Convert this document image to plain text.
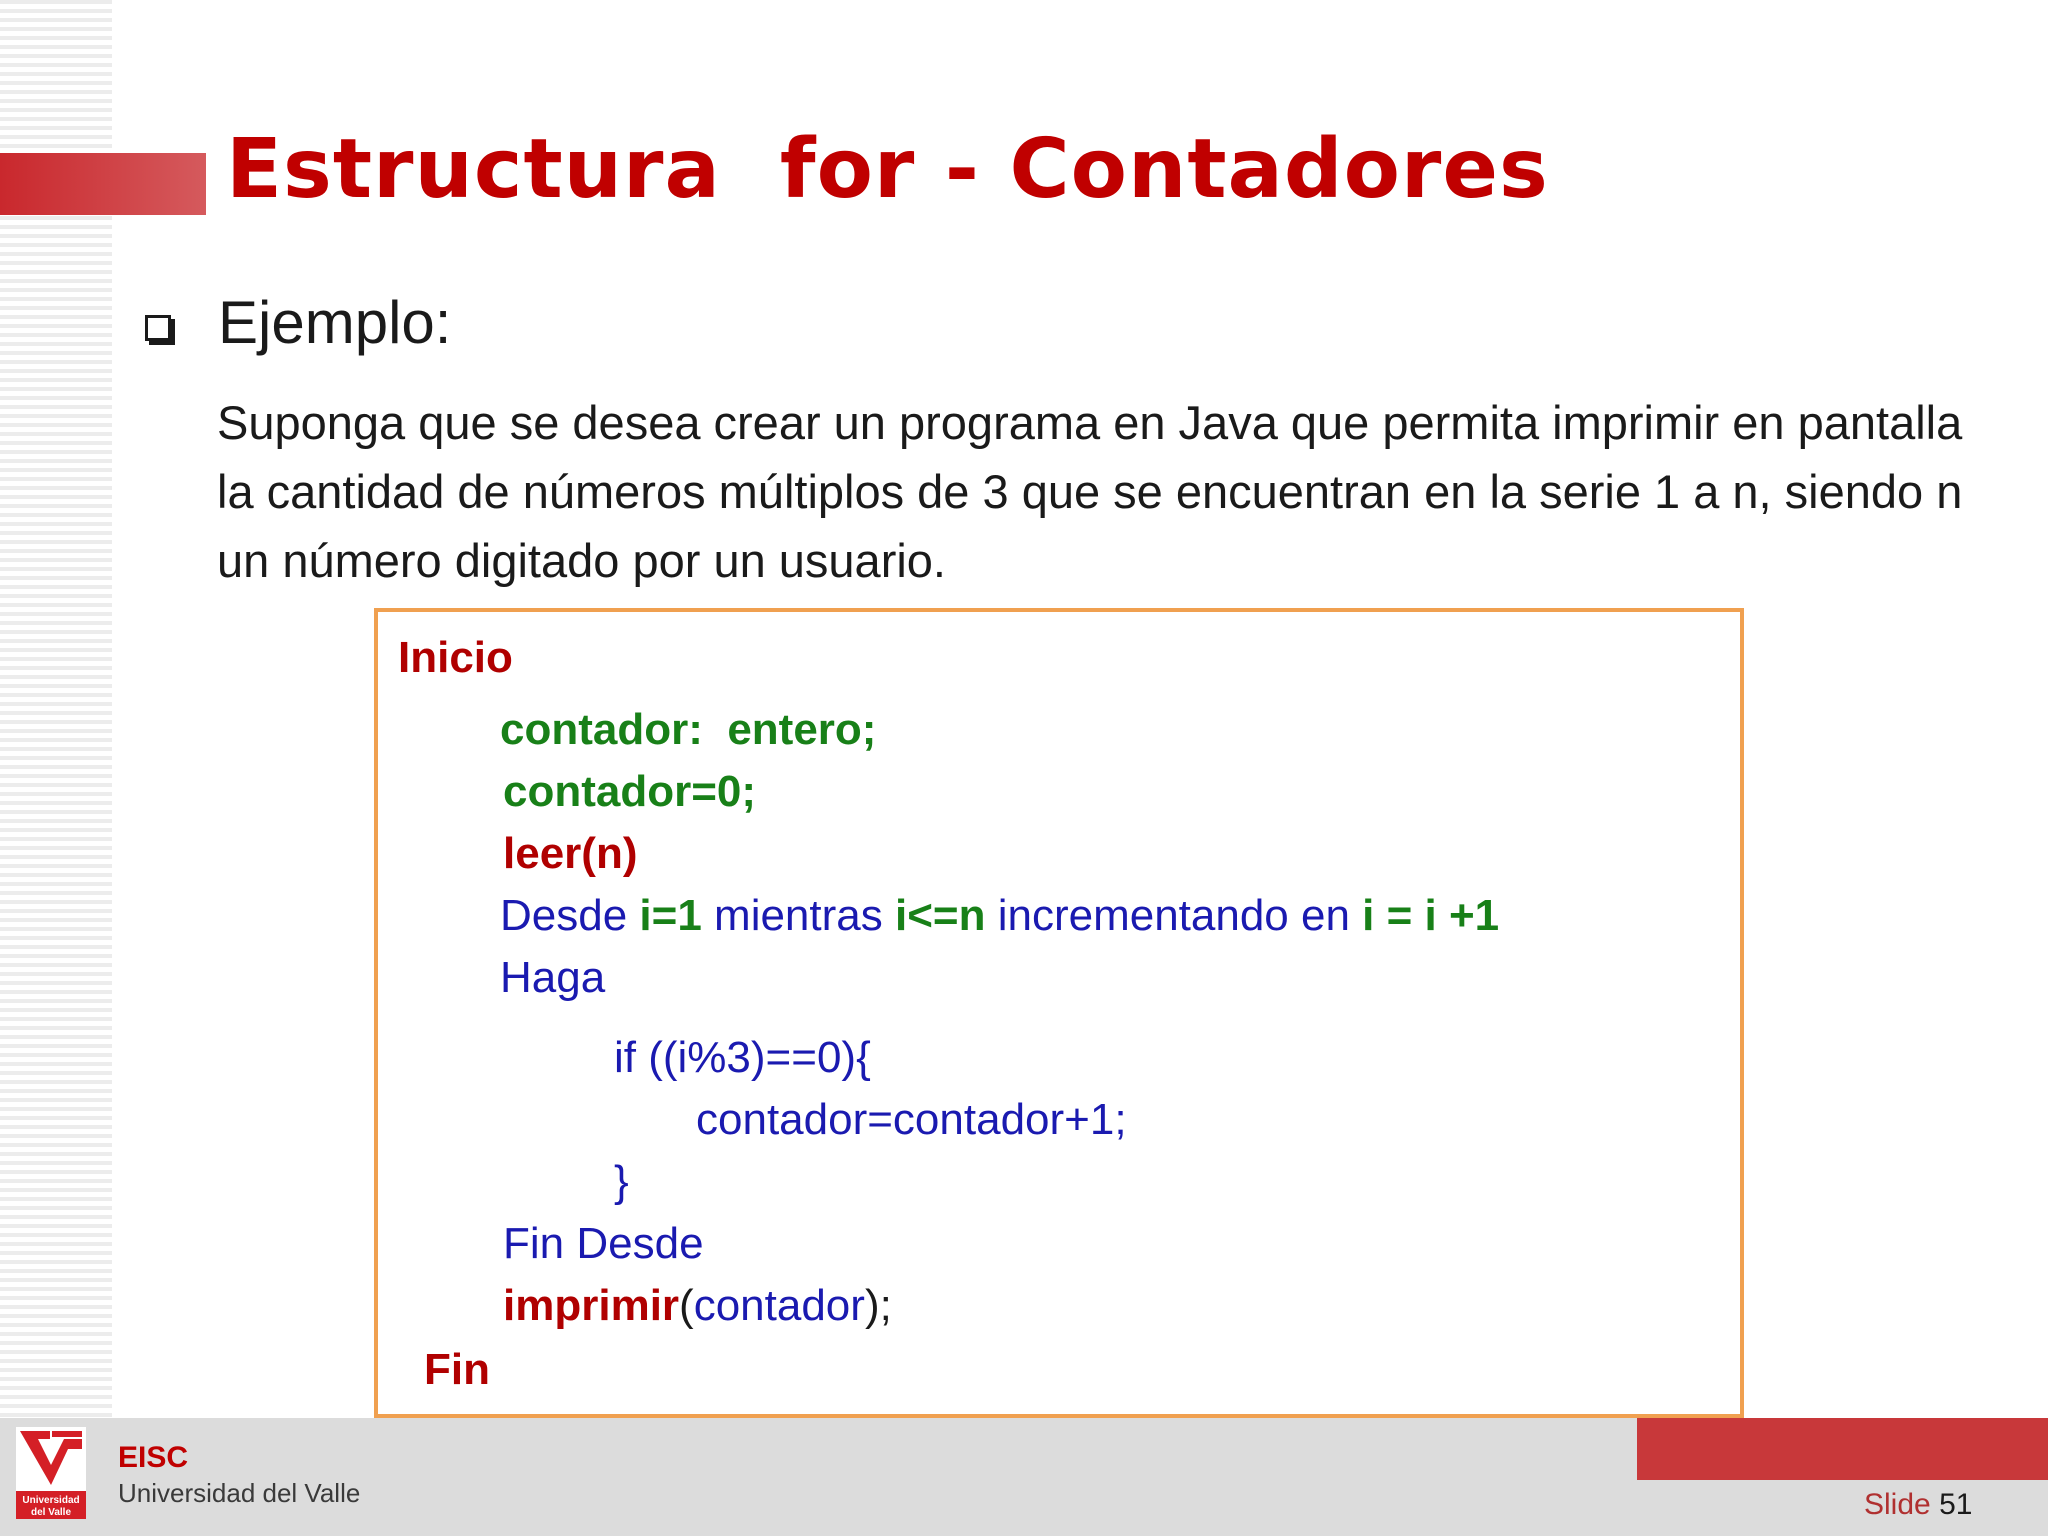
Estructura  for - Contadores
Ejemplo:
Suponga que se desea crear un programa en Java que permita imprimir en pantalla la cantidad de números múltiplos de 3 que se encuentran en la serie 1 a n, siendo n un número digitado por un usuario.
Inicio
contador:  entero;
contador=0;
leer(n)
Desde i=1 mientras i<=n incrementando en i = i +1
Haga
if ((i%3)==0){
contador=contador+1;
}
Fin Desde
imprimir(contador);
Fin
Universidad
del Valle
EISC
Universidad del Valle	Slide 51
